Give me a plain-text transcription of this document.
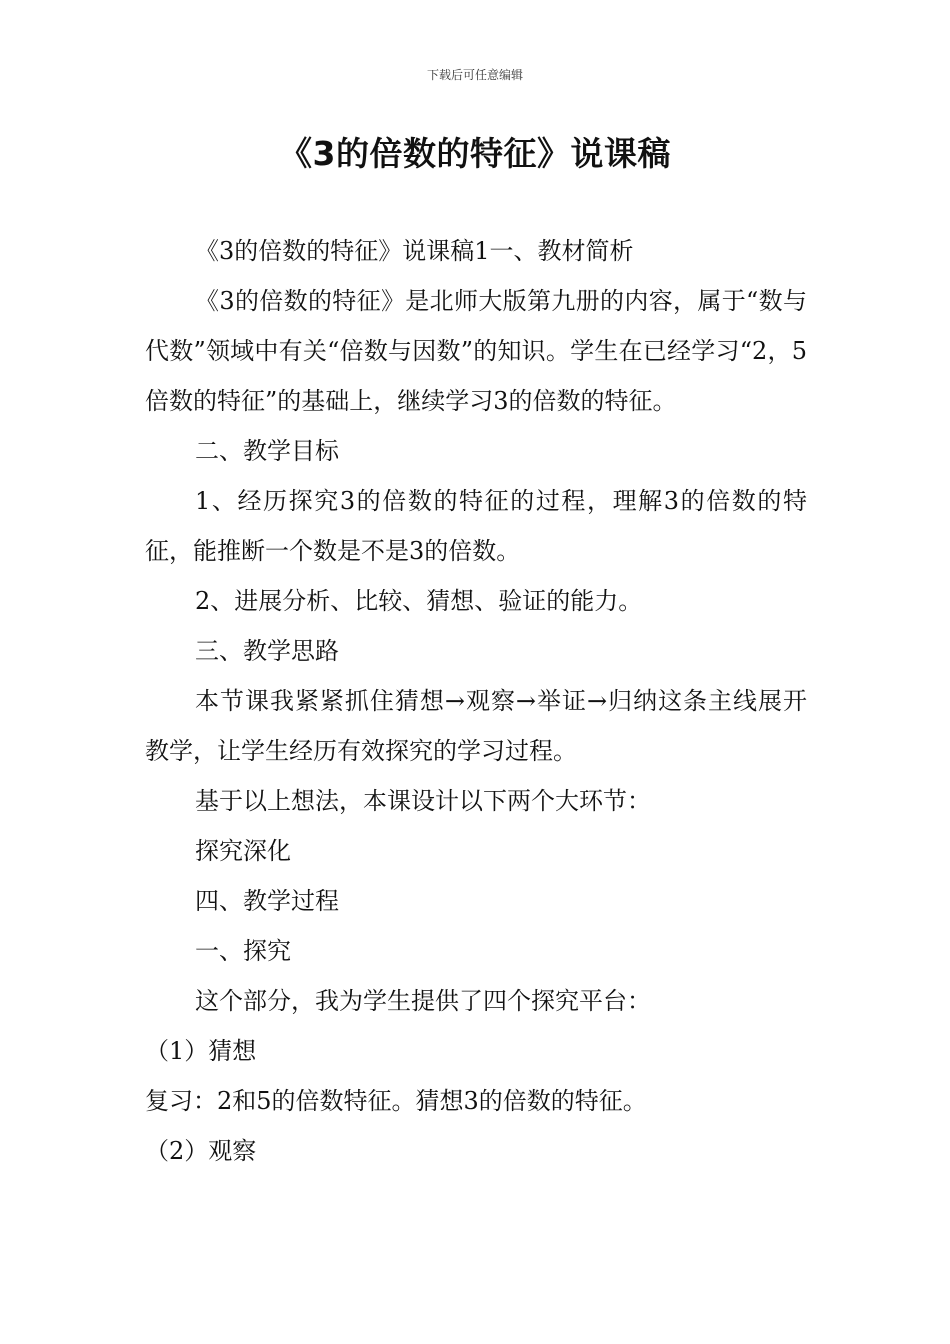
下载后可任意编辑
《3的倍数的特征》说课稿

《3的倍数的特征》说课稿1一、教材简析

《3的倍数的特征》是北师大版第九册的内容，属于“数与代数”领域中有关“倍数与因数”的知识。学生在已经学习“2，5倍数的特征”的基础上，继续学习3的倍数的特征。

二、教学目标

1、经历探究3的倍数的特征的过程，理解3的倍数的特征，能推断一个数是不是3的倍数。

2、进展分析、比较、猜想、验证的能力。

三、教学思路

本节课我紧紧抓住猜想→观察→举证→归纳这条主线展开教学，让学生经历有效探究的学习过程。

基于以上想法，本课设计以下两个大环节：

探究深化

四、教学过程

一、探究

这个部分，我为学生提供了四个探究平台：

（1）猜想

复习：2和5的倍数特征。猜想3的倍数的特征。

（2）观察
